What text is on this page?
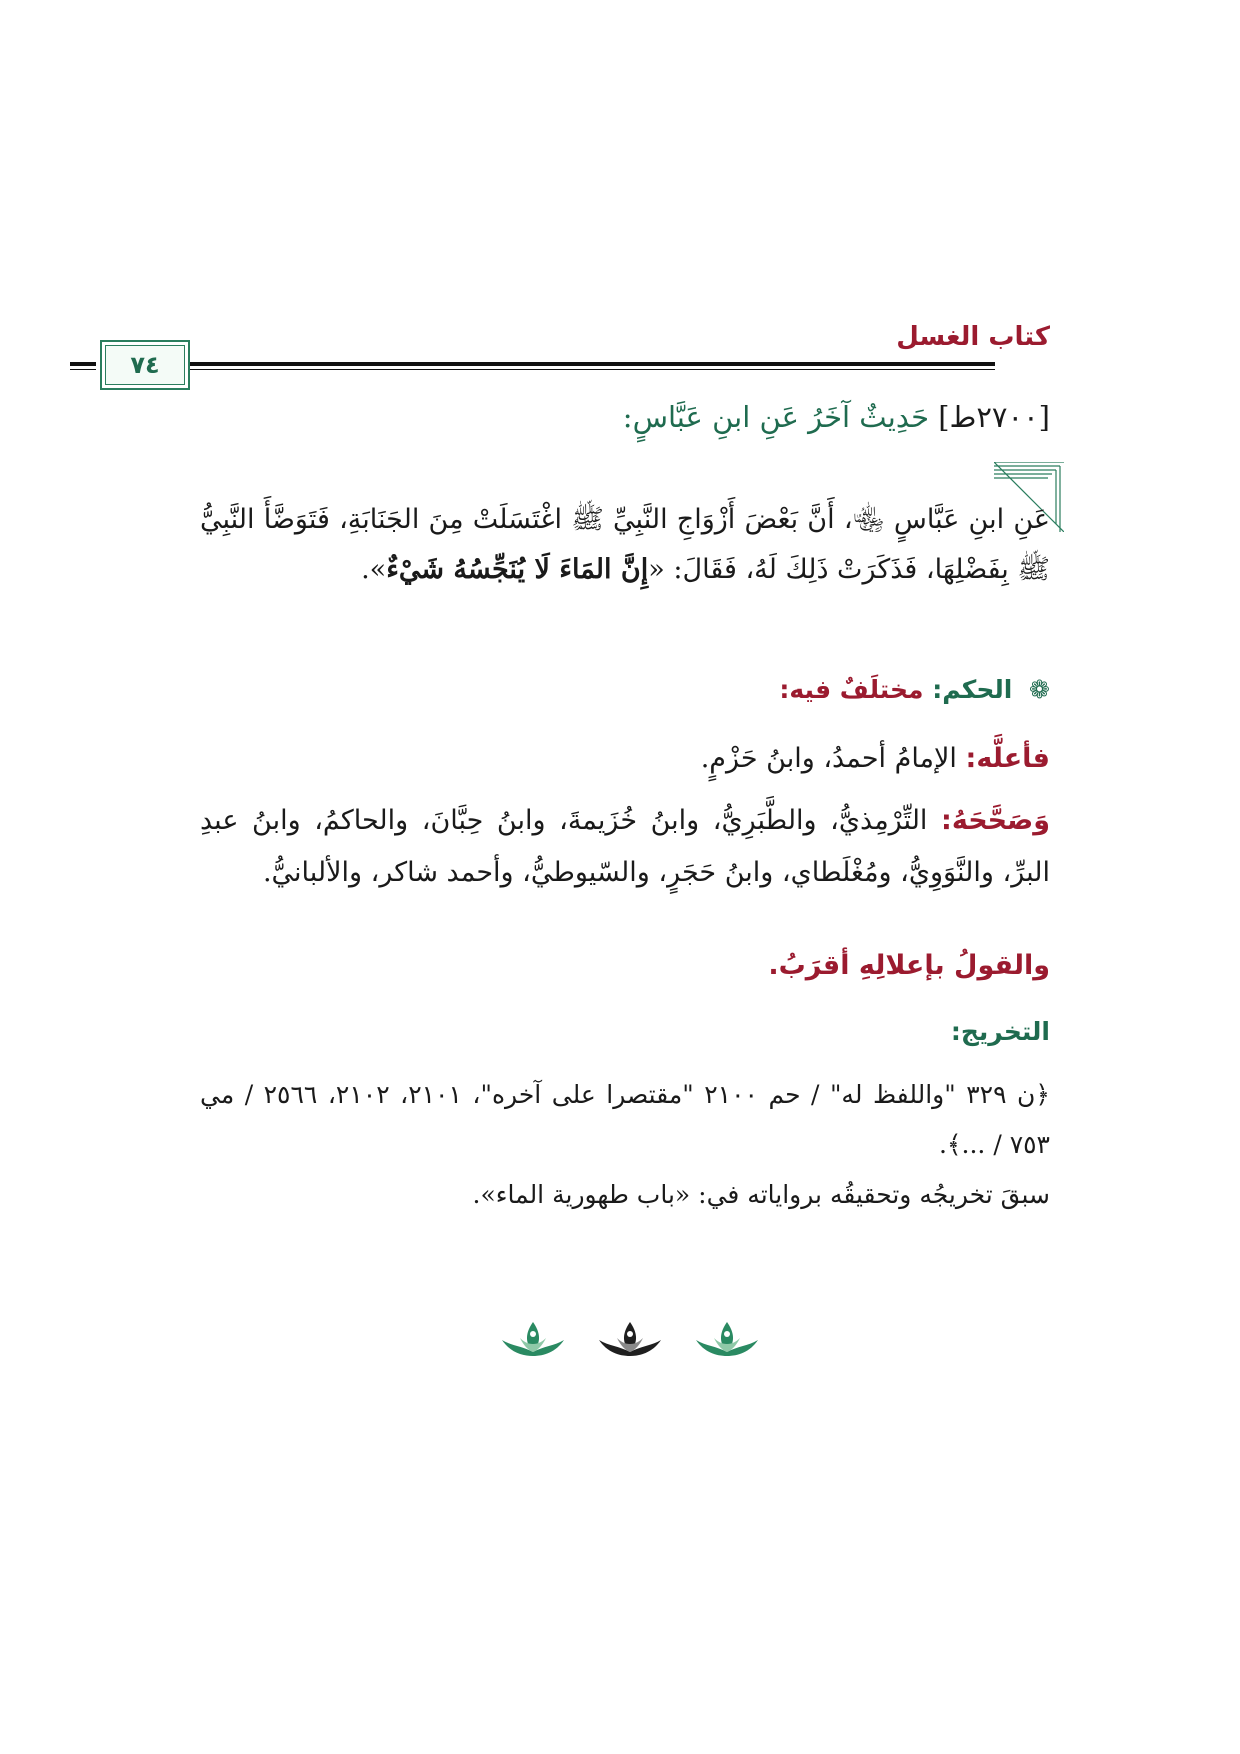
كتاب الغسل
٧٤
[٢٧٠٠ط] حَدِيثٌ آخَرُ عَنِ ابنِ عَبَّاسٍ:
عَنِ ابنِ عَبَّاسٍ ﵄، أَنَّ بَعْضَ أَزْوَاجِ النَّبِيِّ ﷺ اغْتَسَلَتْ مِنَ الجَنَابَةِ، فَتَوَضَّأَ النَّبِيُّ ﷺ بِفَضْلِهَا، فَذَكَرَتْ ذَلِكَ لَهُ، فَقَالَ: «إِنَّ المَاءَ لَا يُنَجِّسُهُ شَيْءٌ».
❁ الحكم: مختلَفٌ فيه:
فأعلَّه: الإمامُ أحمدُ، وابنُ حَزْمٍ.
وَصَحَّحَهُ: التِّرْمِذيُّ، والطَّبَرِيُّ، وابنُ خُزَيمةَ، وابنُ حِبَّانَ، والحاكمُ، وابنُ عبدِ البرِّ، والنَّوَوِيُّ، ومُغْلَطاي، وابنُ حَجَرٍ، والسّيوطيُّ، وأحمد شاكر، والألبانيُّ.
والقولُ بإعلالِهِ أقرَبُ.
التخريج:
﴿ن ٣٢٩ "واللفظ له" / حم ٢١٠٠ "مقتصرا على آخره"، ٢١٠١، ٢١٠٢، ٢٥٦٦ / مي ٧٥٣ / ...﴾.
سبقَ تخريجُه وتحقيقُه برواياته في: «باب طهورية الماء».
